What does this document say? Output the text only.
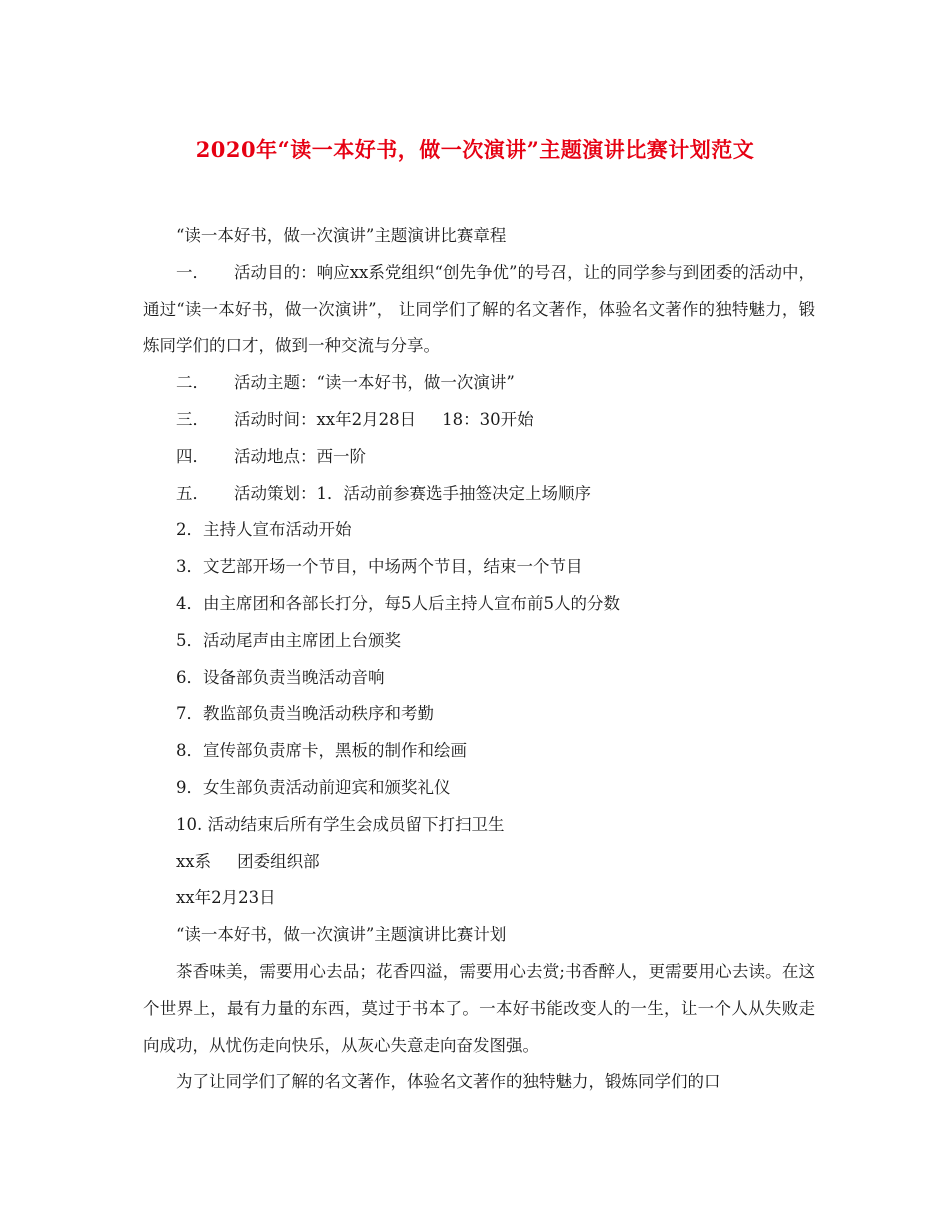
2020年“读一本好书，做一次演讲”主题演讲比赛计划范文

“读一本好书，做一次演讲”主题演讲比赛章程

一． 活动目的：响应xx系党组织“创先争优”的号召，让的同学参与到团委的活动中，通过“读一本好书，做一次演讲”， 让同学们了解的名文著作，体验名文著作的独特魅力，锻炼同学们的口才，做到一种交流与分享。

二． 活动主题：“读一本好书，做一次演讲”

三． 活动时间：xx年2月28日 18：30开始

四． 活动地点：西一阶

五． 活动策划：1．活动前参赛选手抽签决定上场顺序

2．主持人宣布活动开始

3．文艺部开场一个节目，中场两个节目，结束一个节目

4．由主席团和各部长打分，每5人后主持人宣布前5人的分数

5．活动尾声由主席团上台颁奖

6．设备部负责当晚活动音响

7．教监部负责当晚活动秩序和考勤

8．宣传部负责席卡，黑板的制作和绘画

9．女生部负责活动前迎宾和颁奖礼仪

10. 活动结束后所有学生会成员留下打扫卫生

xx系 团委组织部

xx年2月23日

“读一本好书，做一次演讲”主题演讲比赛计划

茶香味美，需要用心去品；花香四溢，需要用心去赏;书香醉人，更需要用心去读。在这个世界上，最有力量的东西，莫过于书本了。一本好书能改变人的一生，让一个人从失败走向成功，从忧伤走向快乐，从灰心失意走向奋发图强。

为了让同学们了解的名文著作，体验名文著作的独特魅力，锻炼同学们的口
